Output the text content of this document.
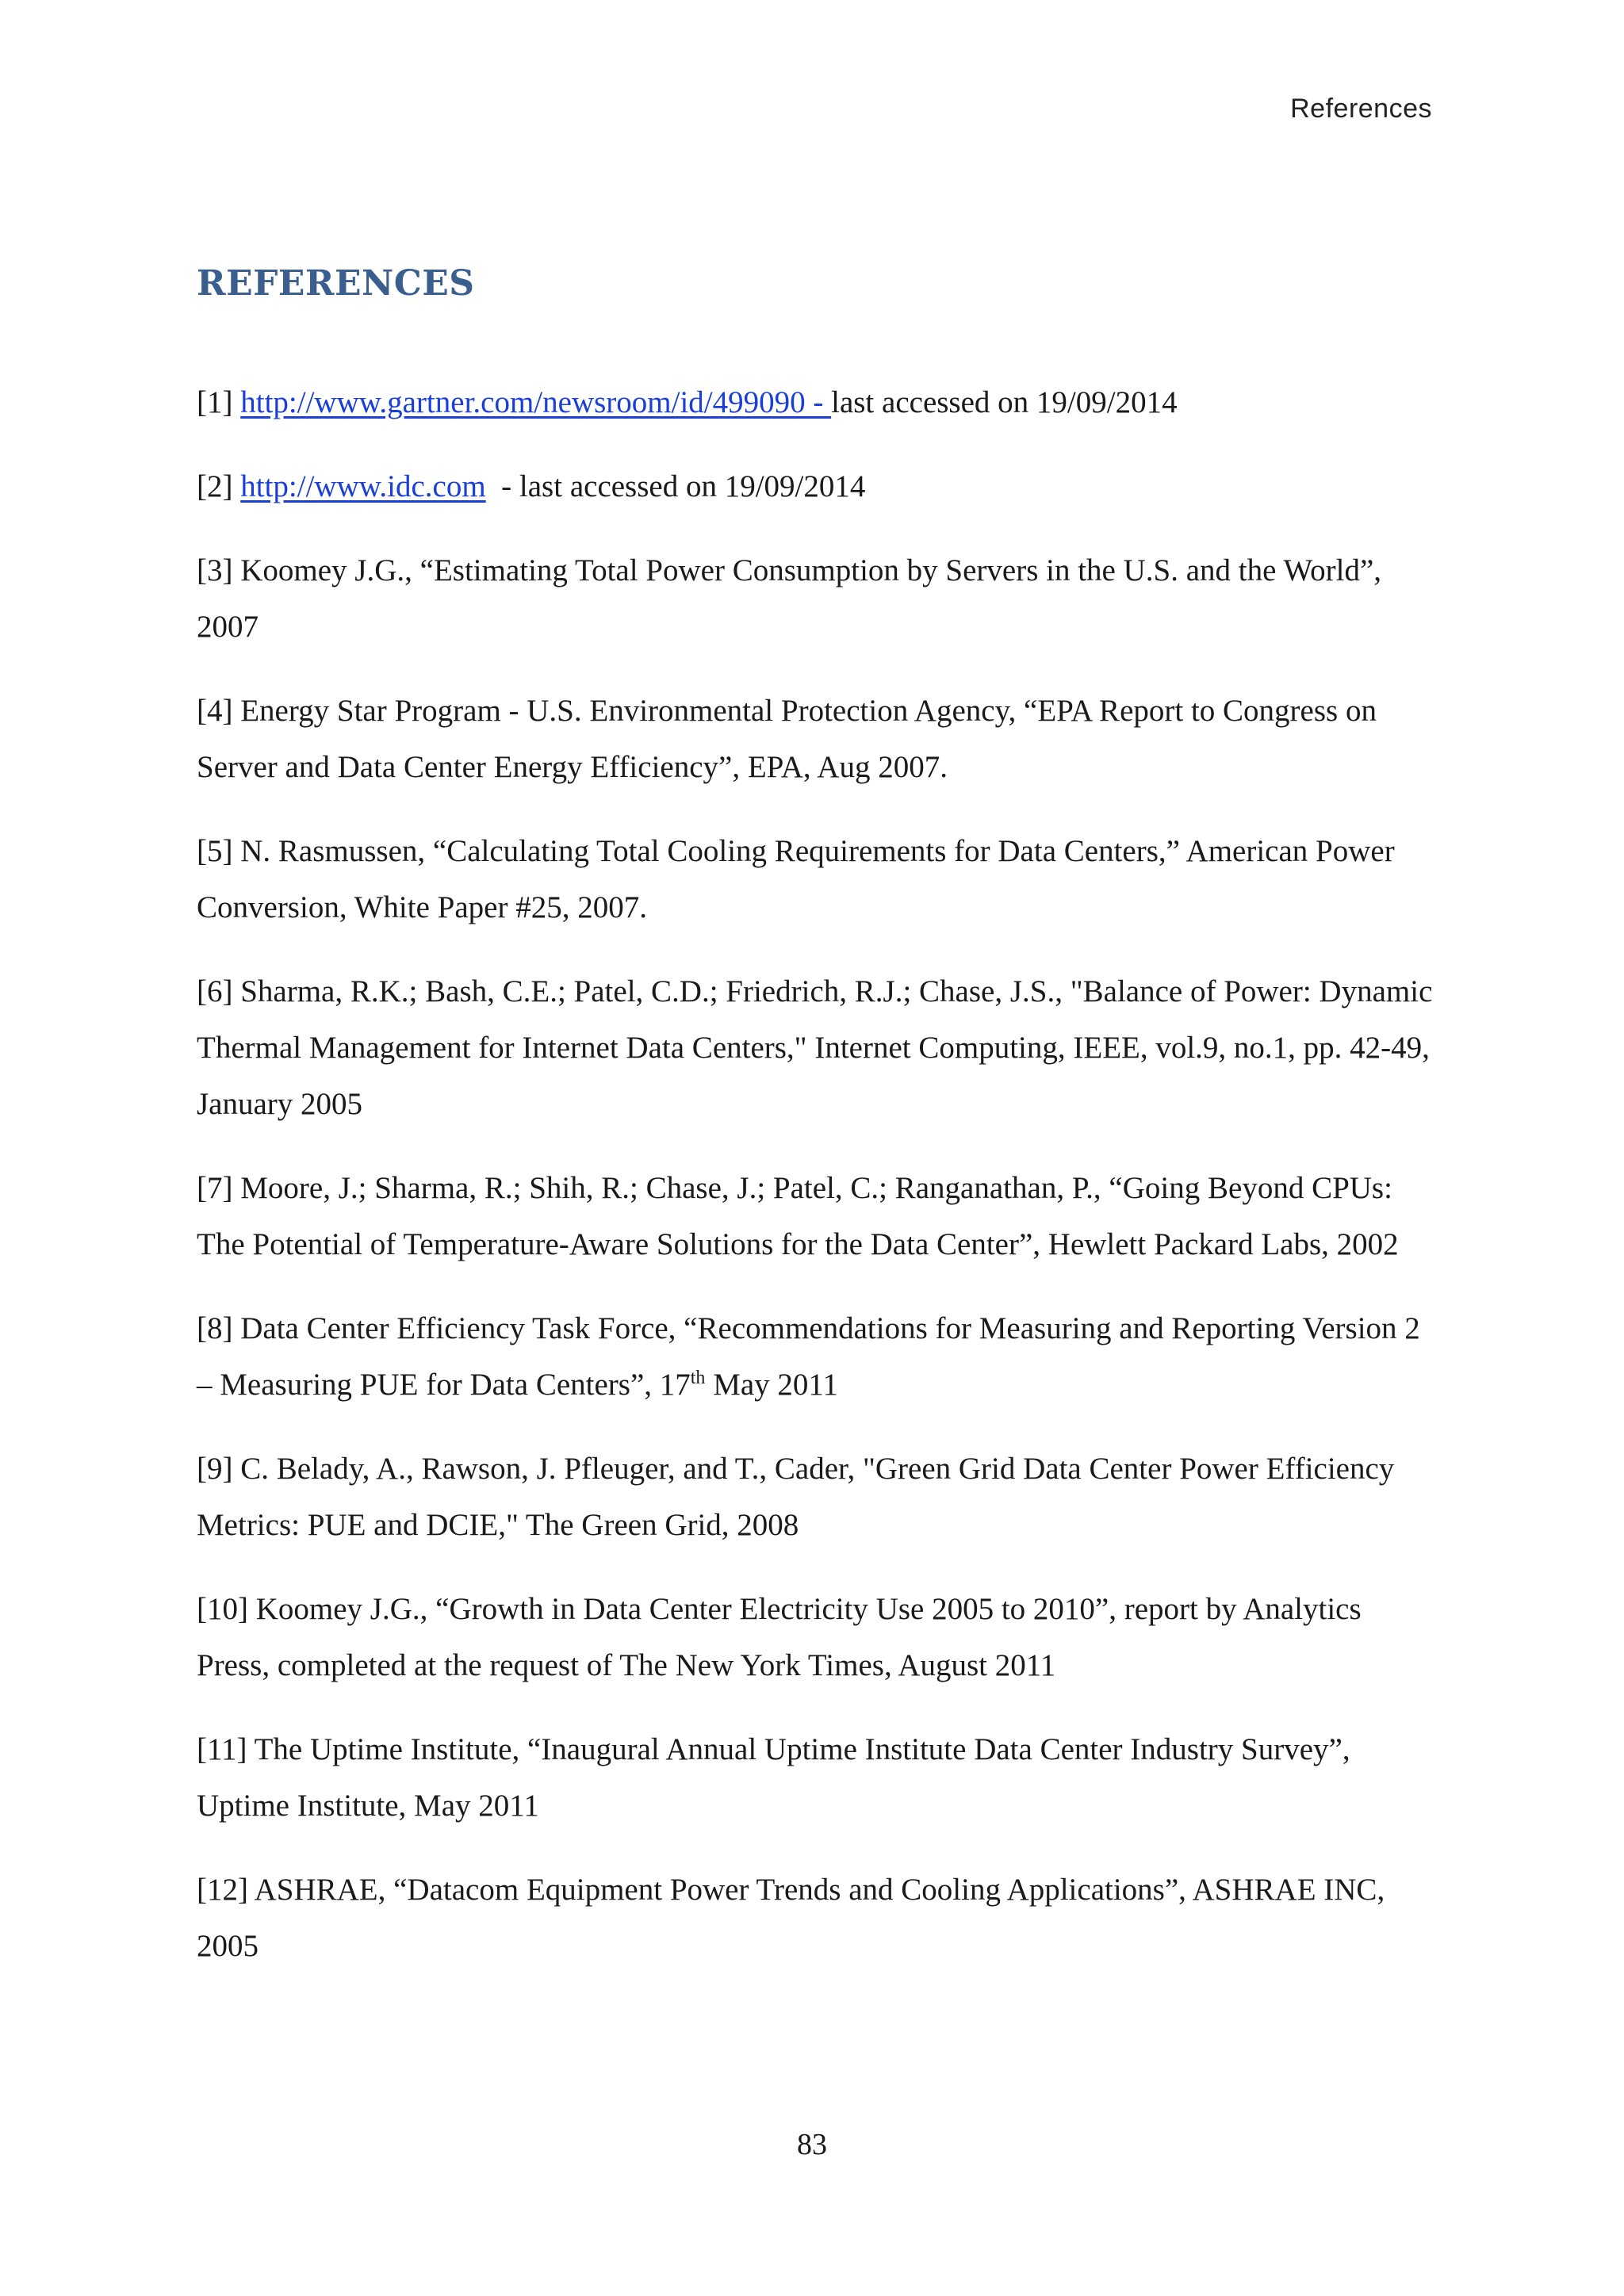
References
REFERENCES
[1] http://www.gartner.com/newsroom/id/499090 - last accessed on 19/09/2014
[2] http://www.idc.com  - last accessed on 19/09/2014
[3] Koomey J.G., “Estimating Total Power Consumption by Servers in the U.S. and the World”, 2007
[4] Energy Star Program - U.S. Environmental Protection Agency, “EPA Report to Congress on Server and Data Center Energy Efficiency”, EPA, Aug 2007.
[5] N. Rasmussen, “Calculating Total Cooling Requirements for Data Centers,” American Power Conversion, White Paper #25, 2007.
[6] Sharma, R.K.; Bash, C.E.; Patel, C.D.; Friedrich, R.J.; Chase, J.S., "Balance of Power: Dynamic Thermal Management for Internet Data Centers," Internet Computing, IEEE, vol.9, no.1, pp. 42-49, January 2005
[7] Moore, J.; Sharma, R.; Shih, R.; Chase, J.; Patel, C.; Ranganathan, P., “Going Beyond CPUs: The Potential of Temperature-Aware Solutions for the Data Center”, Hewlett Packard Labs, 2002
[8] Data Center Efficiency Task Force, “Recommendations for Measuring and Reporting Version 2 – Measuring PUE for Data Centers”, 17th May 2011
[9] C. Belady, A., Rawson, J. Pfleuger, and T., Cader, "Green Grid Data Center Power Efficiency Metrics: PUE and DCIE," The Green Grid, 2008
[10] Koomey J.G., “Growth in Data Center Electricity Use 2005 to 2010”, report by Analytics Press, completed at the request of The New York Times, August 2011
[11] The Uptime Institute, “Inaugural Annual Uptime Institute Data Center Industry Survey”, Uptime Institute, May 2011
[12] ASHRAE, “Datacom Equipment Power Trends and Cooling Applications”, ASHRAE INC, 2005
83
